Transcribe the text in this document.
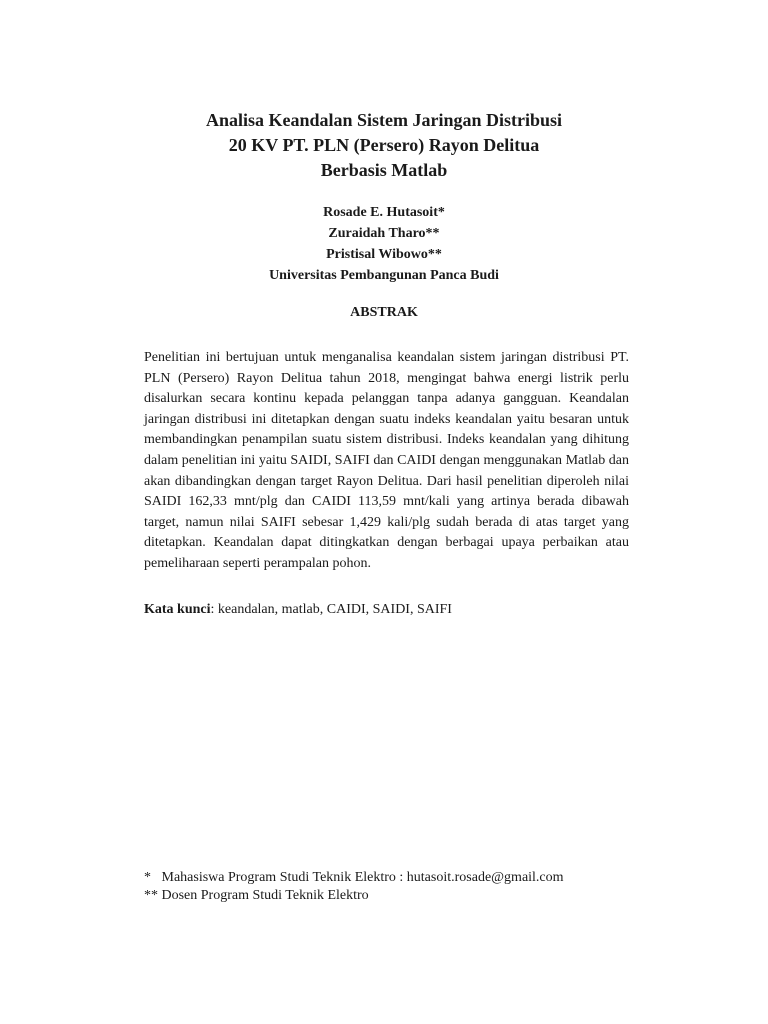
Analisa Keandalan Sistem Jaringan Distribusi
20 KV PT. PLN (Persero) Rayon Delitua
Berbasis Matlab
Rosade E. Hutasoit*
Zuraidah Tharo**
Pristisal Wibowo**
Universitas Pembangunan Panca Budi
ABSTRAK
Penelitian ini bertujuan untuk menganalisa keandalan sistem jaringan distribusi PT. PLN (Persero) Rayon Delitua tahun 2018, mengingat bahwa energi listrik perlu disalurkan secara kontinu kepada pelanggan tanpa adanya gangguan. Keandalan jaringan distribusi ini ditetapkan dengan suatu indeks keandalan yaitu besaran untuk membandingkan penampilan suatu sistem distribusi. Indeks keandalan yang dihitung dalam penelitian ini yaitu SAIDI, SAIFI dan CAIDI dengan menggunakan Matlab dan akan dibandingkan dengan target Rayon Delitua. Dari hasil penelitian diperoleh nilai SAIDI 162,33 mnt/plg dan CAIDI 113,59 mnt/kali yang artinya berada dibawah target, namun nilai SAIFI sebesar 1,429 kali/plg sudah berada di atas target yang ditetapkan. Keandalan dapat ditingkatkan dengan berbagai upaya perbaikan atau pemeliharaan seperti perampalan pohon.
Kata kunci: keandalan, matlab, CAIDI, SAIDI, SAIFI
*   Mahasiswa Program Studi Teknik Elektro : hutasoit.rosade@gmail.com
** Dosen Program Studi Teknik Elektro
